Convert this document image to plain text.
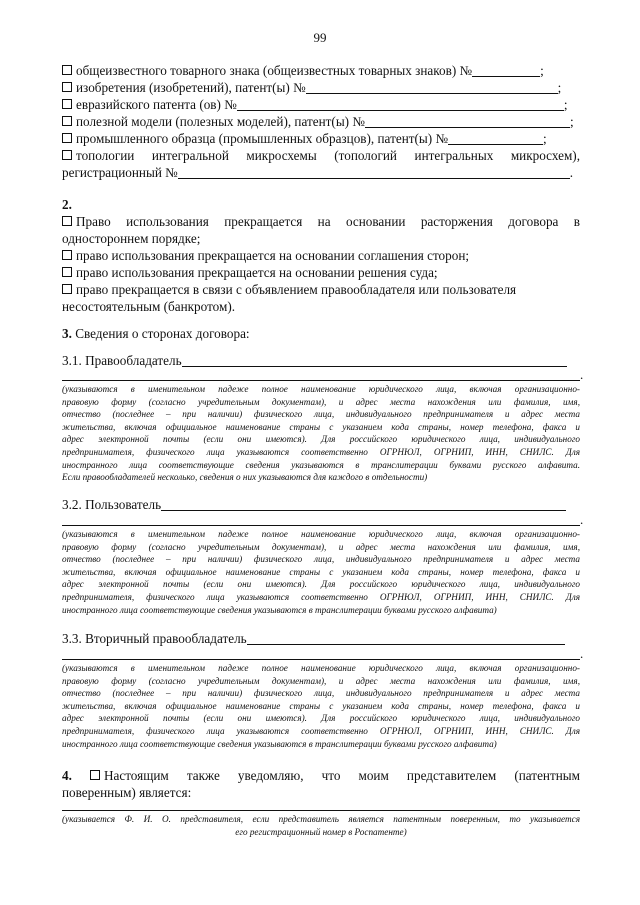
99
общеизвестного товарного знака (общеизвестных товарных знаков) №	;
изобретения (изобретений), патент(ы) №	;
евразийского патента (ов) №	;
полезной модели (полезных моделей), патент(ы) №	;
промышленного образца (промышленных образцов), патент(ы) №	;
топологии интегральной микросхемы (топологий интегральных микросхем),
регистрационный №	.
2.
Право использования прекращается на основании расторжения договора в
одностороннем порядке;
право использования прекращается на основании соглашения сторон;
право использования прекращается на основании решения суда;
право прекращается в связи с объявлением правообладателя или пользователя
несостоятельным (банкротом).
3. Сведения о сторонах договора:
3.1. Правообладатель
.
(указываются в именительном падеже полное наименование юридического лица, включая организационно-
правовую форму (согласно учредительным документам), и адрес места нахождения или фамилия, имя,
отчество (последнее – при наличии) физического лица, индивидуального предпринимателя и адрес места
жительства, включая официальное наименование страны с указанием кода страны, номер телефона, факса и
адрес электронной почты (если они имеются). Для российского юридического лица, индивидуального
предпринимателя, физического лица указываются соответственно ОГРНЮЛ, ОГРНИП, ИНН, СНИЛС. Для
иностранного лица соответствующие сведения указываются в транслитерации буквами русского алфавита.
Если правообладателей несколько, сведения о них указываются для каждого в отдельности)
3.2. Пользователь
.
(указываются в именительном падеже полное наименование юридического лица, включая организационно-
правовую форму (согласно учредительным документам), и адрес места нахождения или фамилия, имя,
отчество (последнее – при наличии) физического лица, индивидуального предпринимателя и адрес места
жительства, включая официальное наименование страны с указанием кода страны, номер телефона, факса и
адрес электронной почты (если они имеются). Для российского юридического лица, индивидуального
предпринимателя, физического лица указываются соответственно ОГРНЮЛ, ОГРНИП, ИНН, СНИЛС. Для
иностранного лица соответствующие сведения указываются в транслитерации буквами русского алфавита)
3.3. Вторичный правообладатель
.
(указываются в именительном падеже полное наименование юридического лица, включая организационно-
правовую форму (согласно учредительным документам), и адрес места нахождения или фамилия, имя,
отчество (последнее – при наличии) физического лица, индивидуального предпринимателя и адрес места
жительства, включая официальное наименование страны с указанием кода страны, номер телефона, факса и
адрес электронной почты (если они имеются). Для российского юридического лица, индивидуального
предпринимателя, физического лица указываются соответственно ОГРНЮЛ, ОГРНИП, ИНН, СНИЛС. Для
иностранного лица соответствующие сведения указываются в транслитерации буквами русского алфавита)
4. Настоящим также уведомляю, что моим представителем (патентным
поверенным) является:
(указывается Ф. И. О. представителя, если представитель является патентным поверенным, то указывается
его регистрационный номер в Роспатенте)
